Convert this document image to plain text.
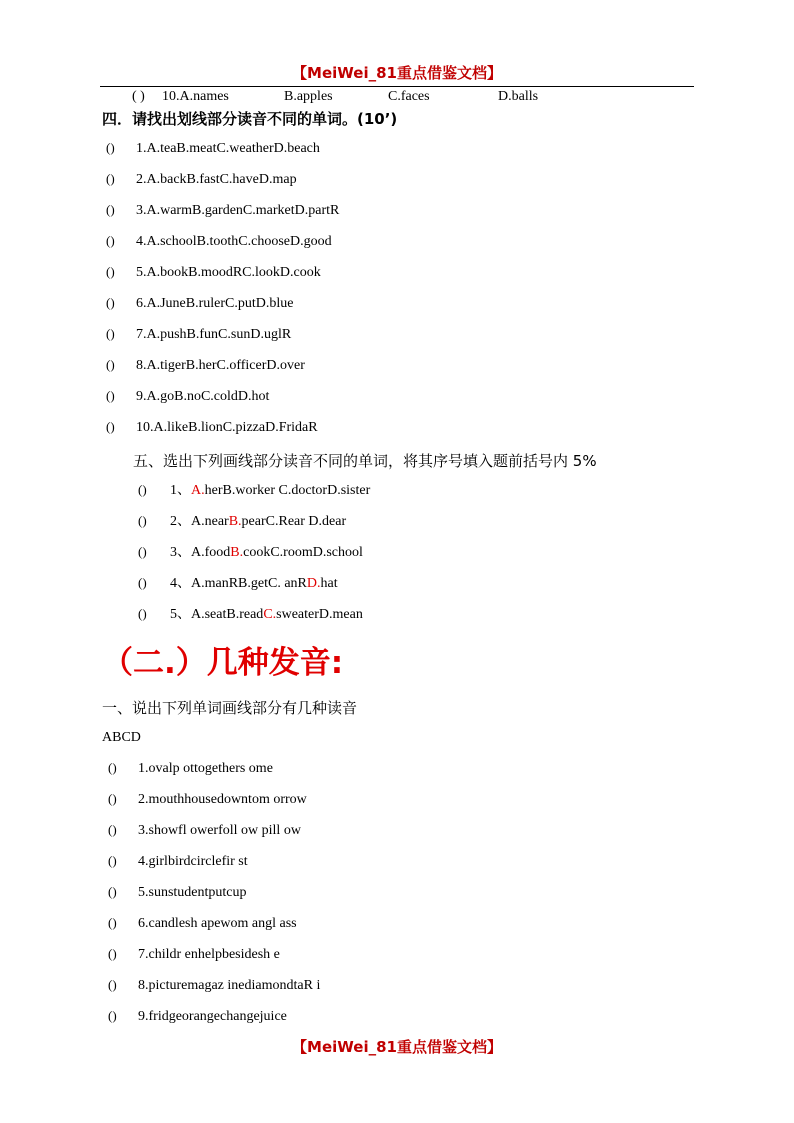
【MeiWei_81重点借鉴文档】
( ) 10.A.names	B.apples	C.faces	D.balls
四．请找出划线部分读音不同的单词。(10’)
() 1.A.teaB.meatC.weatherD.beach
() 2.A.backB.fastC.haveD.map
() 3.A.warmB.gardenC.marketD.partR
() 4.A.schoolB.toothC.chooseD.good
() 5.A.bookB.moodRC.lookD.cook
() 6.A.JuneB.rulerC.putD.blue
() 7.A.pushB.funC.sunD.uglR
() 8.A.tigerB.herC.officerD.over
() 9.A.goB.noC.coldD.hot
() 10.A.likeB.lionC.pizzaD.FridaR
五、选出下列画线部分读音不同的单词，将其序号填入题前括号内 5%
() 1、A.herB.worker C.doctorD.sister
() 2、A.nearB.pearC.Rear D.dear
() 3、A.foodB.cookC.roomD.school
() 4、A.manRB.getC. anRD.hat
() 5、A.seatB.readC.sweaterD.mean
（二.）几种发音:
一、说出下列单词画线部分有几种读音
ABCD
() 1.ovalp ottogethers ome
() 2.mouthhousedowntom orrow
() 3.showfl owerfoll ow pill ow
() 4.girlbirdcirclefir st
() 5.sunstudentputcup
() 6.candlesh apewom angl ass
() 7.childr enhelpbesidesh e
() 8.picturemagaz inediamondtaR i
() 9.fridgeorangechangejuice
【MeiWei_81重点借鉴文档】
